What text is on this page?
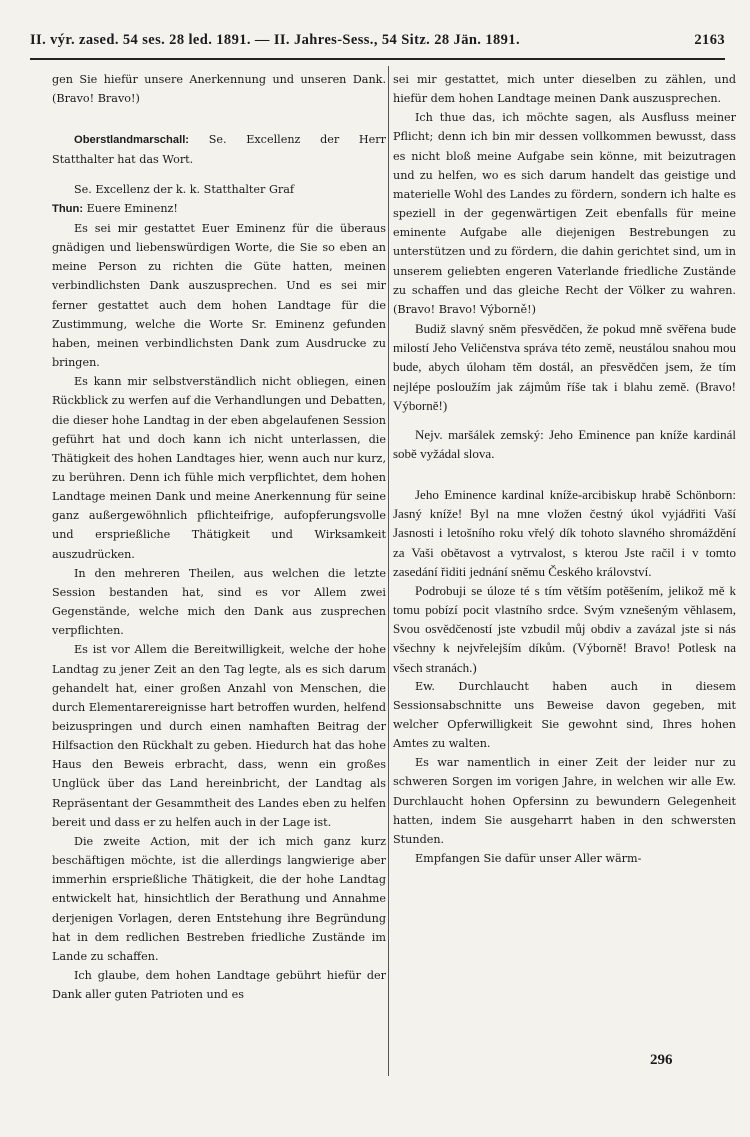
II. výr. zased. 54 ses. 28 led. 1891. — II. Jahres-Sess., 54 Sitz. 28 Jän. 1891.	2163

gen Sie hiefür unsere Anerkennung und unseren Dank. (Bravo! Bravo!)

Oberstlandmarschall: Se. Excellenz der Herr Statthalter hat das Wort.

Se. Excellenz der k. k. Statthalter Graf

Thun: Euere Eminenz!

Es sei mir gestattet Euer Eminenz für die überaus gnädigen und liebenswürdigen Worte, die Sie so eben an meine Person zu richten die Güte hatten, meinen verbindlichsten Dank auszusprechen. Und es sei mir ferner gestattet auch dem hohen Landtage für die Zustimmung, welche die Worte Sr. Eminenz gefunden haben, meinen verbindlichsten Dank zum Ausdrucke zu bringen.

Es kann mir selbstverständlich nicht obliegen, einen Rückblick zu werfen auf die Verhandlungen und Debatten, die dieser hohe Landtag in der eben abgelaufenen Session geführt hat und doch kann ich nicht unterlassen, die Thätigkeit des hohen Landtages hier, wenn auch nur kurz, zu berühren. Denn ich fühle mich verpflichtet, dem hohen Landtage meinen Dank und meine Anerkennung für seine ganz außergewöhnlich pflichteifrige, aufopferungsvolle und ersprießliche Thätigkeit und Wirksamkeit auszudrücken.

In den mehreren Theilen, aus welchen die letzte Session bestanden hat, sind es vor Allem zwei Gegenstände, welche mich den Dank aus zusprechen verpflichten.

Es ist vor Allem die Bereitwilligkeit, welche der hohe Landtag zu jener Zeit an den Tag legte, als es sich darum gehandelt hat, einer großen Anzahl von Menschen, die durch Elementarereignisse hart betroffen wurden, helfend beizuspringen und durch einen namhaften Beitrag der Hilfsaction den Rückhalt zu geben. Hiedurch hat das hohe Haus den Beweis erbracht, dass, wenn ein großes Unglück über das Land hereinbricht, der Landtag als Repräsentant der Gesammtheit des Landes eben zu helfen bereit und dass er zu helfen auch in der Lage ist.

Die zweite Action, mit der ich mich ganz kurz beschäftigen möchte, ist die allerdings langwierige aber immerhin ersprießliche Thätigkeit, die der hohe Landtag entwickelt hat, hinsichtlich der Berathung und Annahme derjenigen Vorlagen, deren Entstehung ihre Begründung hat in dem redlichen Bestreben friedliche Zustände im Lande zu schaffen.

Ich glaube, dem hohen Landtage gebührt hiefür der Dank aller guten Patrioten und es

sei mir gestattet, mich unter dieselben zu zählen, und hiefür dem hohen Landtage meinen Dank auszusprechen.

Ich thue das, ich möchte sagen, als Ausfluss meiner Pflicht; denn ich bin mir dessen vollkommen bewusst, dass es nicht bloß meine Aufgabe sein könne, mit beizutragen und zu helfen, wo es sich darum handelt das geistige und materielle Wohl des Landes zu fördern, sondern ich halte es speziell in der gegenwärtigen Zeit ebenfalls für meine eminente Aufgabe alle diejenigen Bestrebungen zu unterstützen und zu fördern, die dahin gerichtet sind, um in unserem geliebten engeren Vaterlande friedliche Zustände zu schaffen und das gleiche Recht der Völker zu wahren. (Bravo! Bravo! Výborně!)

Budiž slavný sněm přesvědčen, že pokud mně svěřena bude milostí Jeho Veličenstva správa této země, neustálou snahou mou bude, abych úloham těm dostál, an přesvědčen jsem, že tím nejlépe posloužím jak zájmům říše tak i blahu země. (Bravo! Výborně!)

Nejv. maršálek zemský: Jeho Eminence pan kníže kardinál sobě vyžádal slova.

Jeho Eminence kardinal kníže-arcibiskup hrabě Schönborn: Jasný kníže! Byl na mne vložen čestný úkol vyjádřiti Vaší Jasnosti i letošního roku vřelý dík tohoto slavného shromáždění za Vaši obětavost a vytrvalost, s kterou Jste račil i v tomto zasedání řiditi jednání sněmu Českého království.

Podrobuji se úloze té s tím větším potěšením, jelikož mě k tomu pobízí pocit vlastního srdce. Svým vznešeným věhlasem, Svou osvědčeností jste vzbudil můj obdiv a zavázal jste si nás všechny k nejvřelejším díkům. (Výborně! Bravo! Potlesk na všech stranách.)

Ew. Durchlaucht haben auch in diesem Sessionsabschnitte uns Beweise davon gegeben, mit welcher Opferwilligkeit Sie gewohnt sind, Ihres hohen Amtes zu walten.

Es war namentlich in einer Zeit der leider nur zu schweren Sorgen im vorigen Jahre, in welchen wir alle Ew. Durchlaucht hohen Opfersinn zu bewundern Gelegenheit hatten, indem Sie ausgeharrt haben in den schwersten Stunden.

Empfangen Sie dafür unser Aller wärm-

296
